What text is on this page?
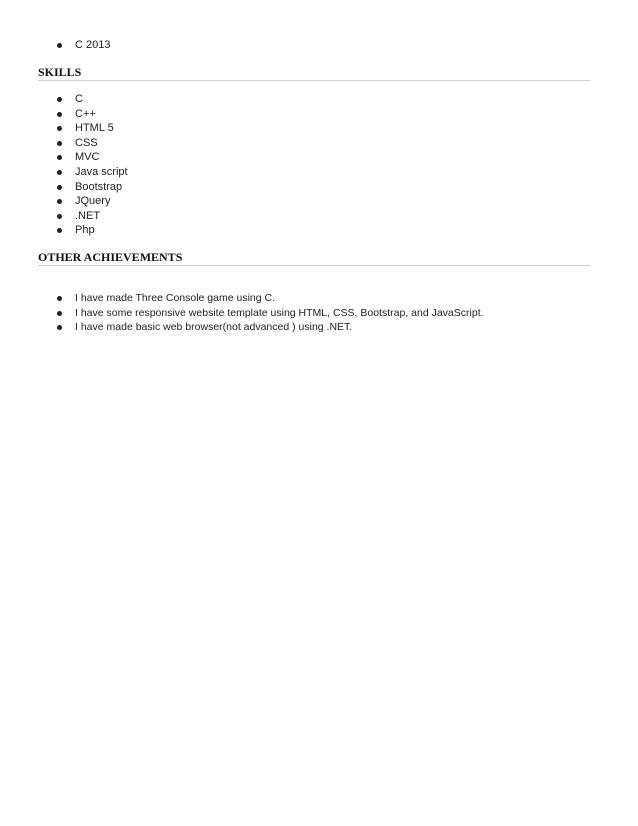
C 2013
SKILLS
C
C++
HTML 5
CSS
MVC
Java script
Bootstrap
JQuery
.NET
Php
OTHER ACHIEVEMENTS
I have made Three Console game using C.
I have some responsive website template using HTML, CSS, Bootstrap, and JavaScript.
I have made basic web browser(not advanced ) using .NET.
